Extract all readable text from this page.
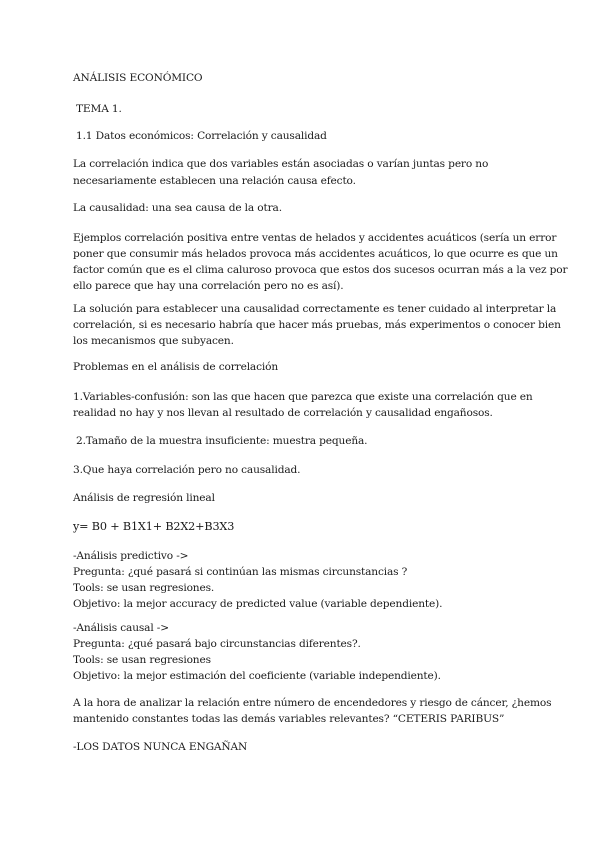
ANÁLISIS ECONÓMICO
TEMA 1.
1.1 Datos económicos: Correlación y causalidad
La correlación indica que dos variables están asociadas o varían juntas pero no
necesariamente establecen una relación causa efecto.
La causalidad: una sea causa de la otra.
Ejemplos correlación positiva entre ventas de helados y accidentes acuáticos (sería un error
poner que consumir más helados provoca más accidentes acuáticos, lo que ocurre es que un
factor común que es el clima caluroso provoca que estos dos sucesos ocurran más a la vez por
ello parece que hay una correlación pero no es así).
La solución para establecer una causalidad correctamente es tener cuidado al interpretar la
correlación, si es necesario habría que hacer más pruebas, más experimentos o conocer bien
los mecanismos que subyacen.
Problemas en el análisis de correlación
1.Variables-confusión: son las que hacen que parezca que existe una correlación que en
realidad no hay y nos llevan al resultado de correlación y causalidad engañosos.
2.Tamaño de la muestra insuficiente: muestra pequeña.
3.Que haya correlación pero no causalidad.
Análisis de regresión lineal
y= B0 + B1X1+ B2X2+B3X3
-Análisis predictivo ->
Pregunta: ¿qué pasará si continúan las mismas circunstancias ?
Tools: se usan regresiones.
Objetivo: la mejor accuracy de predicted value (variable dependiente).
-Análisis causal ->
Pregunta: ¿qué pasará bajo circunstancias diferentes?.
Tools: se usan regresiones
Objetivo: la mejor estimación del coeficiente (variable independiente).
A la hora de analizar la relación entre número de encendedores y riesgo de cáncer, ¿hemos
mantenido constantes todas las demás variables relevantes? “CETERIS PARIBUS”
-LOS DATOS NUNCA ENGAÑAN
